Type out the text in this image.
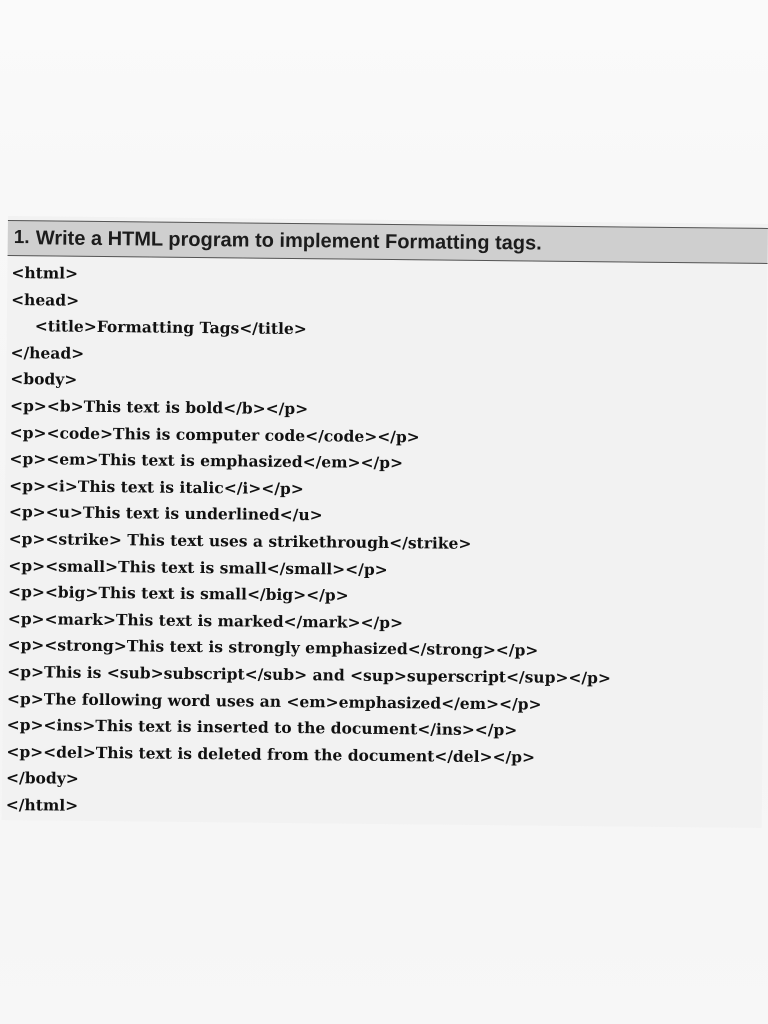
1. Write a HTML program to implement Formatting tags.
<html>
<head>
<title>Formatting Tags</title>
</head>
<body>
<p><b>This text is bold</b></p>
<p><code>This is computer code</code></p>
<p><em>This text is emphasized</em></p>
<p><i>This text is italic</i></p>
<p><u>This text is underlined</u>
<p><strike> This text uses a strikethrough</strike>
<p><small>This text is small</small></p>
<p><big>This text is small</big></p>
<p><mark>This text is marked</mark></p>
<p><strong>This text is strongly emphasized</strong></p>
<p>This is <sub>subscript</sub> and <sup>superscript</sup></p>
<p>The following word uses an <em>emphasized</em></p>
<p><ins>This text is inserted to the document</ins></p>
<p><del>This text is deleted from the document</del></p>
</body>
</html>
